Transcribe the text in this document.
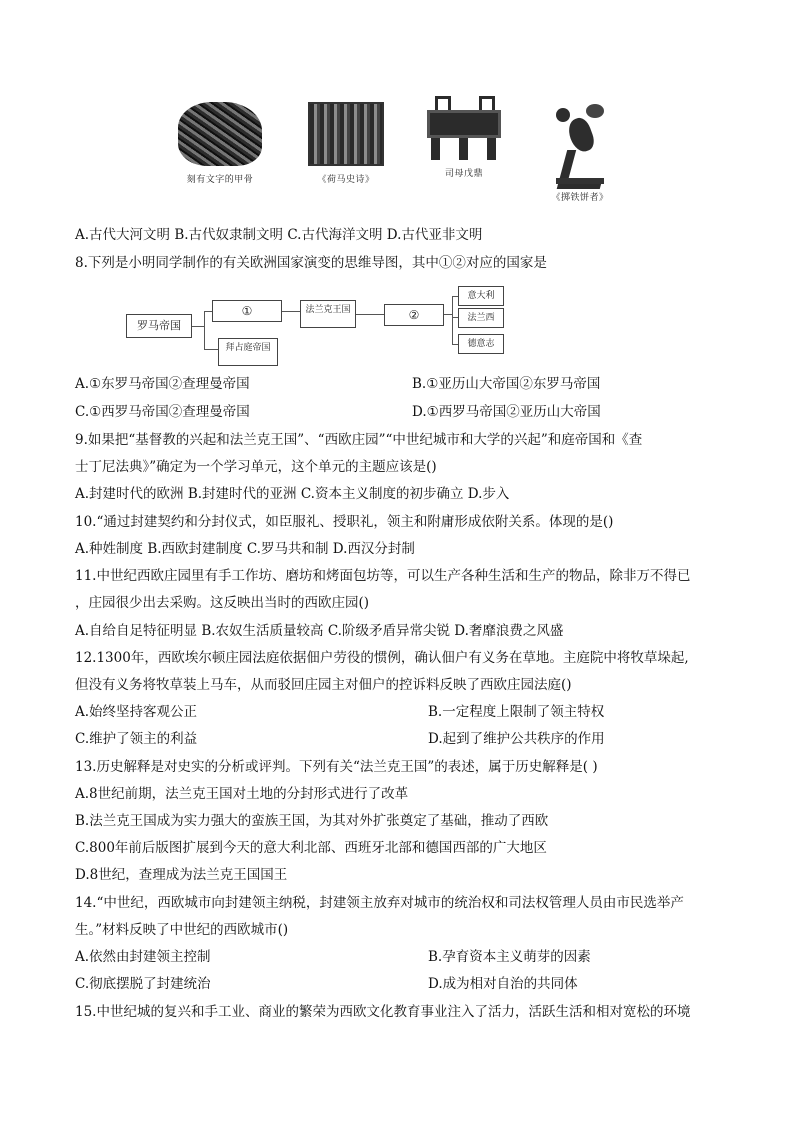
刻有文字的甲骨	《荷马史诗》
司母戊鼎
《掷铁饼者》
A.古代大河文明 B.古代奴隶制文明 C.古代海洋文明 D.古代亚非文明
8.下列是小明同学制作的有关欧洲国家演变的思维导图，其中①②对应的国家是
罗马帝国
①
拜占庭帝国
法兰克王国	②
意大利
法兰西
德意志
A.①东罗马帝国②查理曼帝国	B.①亚历山大帝国②东罗马帝国
C.①西罗马帝国②查理曼帝国	D.①西罗马帝国②亚历山大帝国
9.如果把“基督教的兴起和法兰克王国”、“西欧庄园”“中世纪城市和大学的兴起”和庭帝国和《查
士丁尼法典》”确定为一个学习单元，这个单元的主题应该是()
A.封建时代的欧洲 B.封建时代的亚洲 C.资本主义制度的初步确立 D.步入
10.“通过封建契约和分封仪式，如臣服礼、授职礼，领主和附庸形成依附关系。体现的是()
A.种姓制度 B.西欧封建制度 C.罗马共和制 D.西汉分封制
11.中世纪西欧庄园里有手工作坊、磨坊和烤面包坊等，可以生产各种生活和生产的物品，除非万不得已
，庄园很少出去采购。这反映出当时的西欧庄园()
A.自给自足特征明显 B.农奴生活质量较高 C.阶级矛盾异常尖锐 D.奢靡浪费之风盛
12.1300年，西欧埃尔顿庄园法庭依据佃户劳役的惯例，确认佃户有义务在草地。主庭院中将牧草垛起,
但没有义务将牧草装上马车，从而驳回庄园主对佃户的控诉料反映了西欧庄园法庭()
A.始终坚持客观公正	B.一定程度上限制了领主特权
C.维护了领主的利益	D.起到了维护公共秩序的作用
13.历史解释是对史实的分析或评判。下列有关“法兰克王国”的表述，属于历史解释是( )
A.8世纪前期，法兰克王国对土地的分封形式进行了改革
B.法兰克王国成为实力强大的蛮族王国，为其对外扩张奠定了基础，推动了西欧
C.800年前后版图扩展到今天的意大利北部、西班牙北部和德国西部的广大地区
D.8世纪，查理成为法兰克王国国王
14.“中世纪，西欧城市向封建领主纳税，封建领主放弃对城市的统治权和司法权管理人员由市民选举产
生。”材料反映了中世纪的西欧城市()
A.依然由封建领主控制	B.孕育资本主义萌芽的因素
C.彻底摆脱了封建统治	D.成为相对自治的共同体
15.中世纪城的复兴和手工业、商业的繁荣为西欧文化教育事业注入了活力，活跃生活和相对宽松的环境
